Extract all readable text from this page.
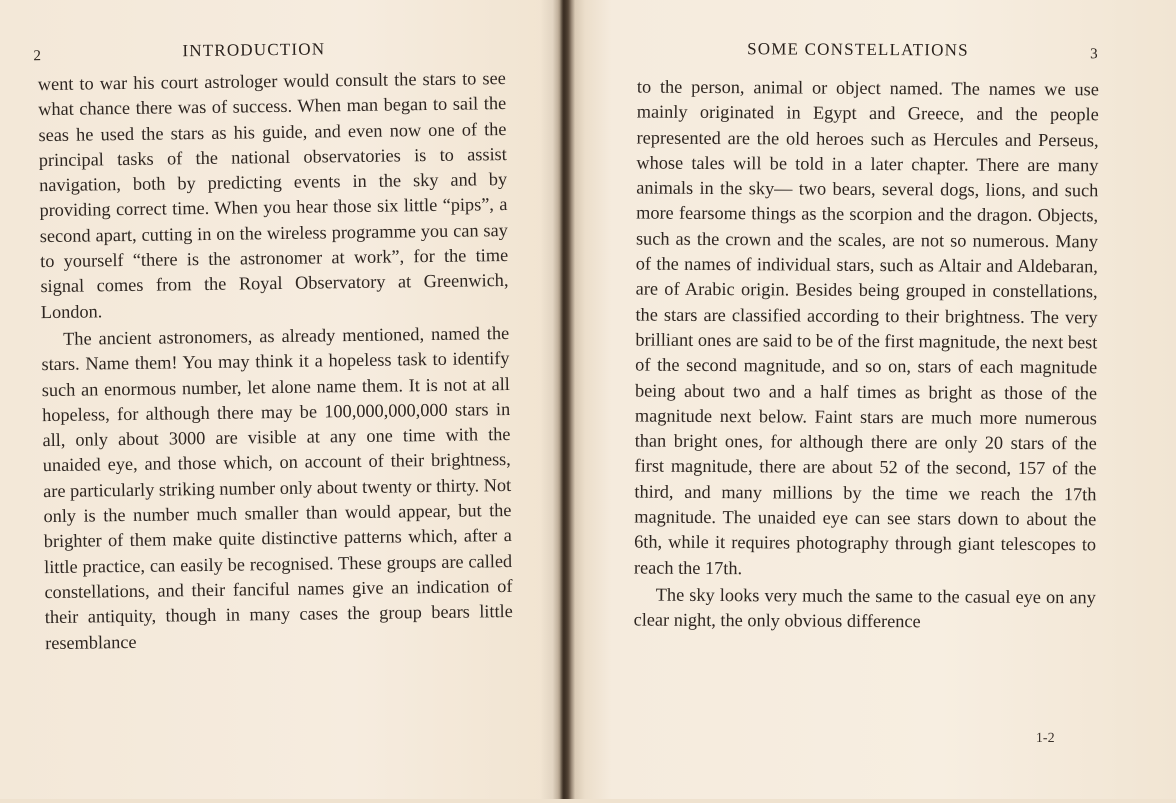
2	INTRODUCTION

went to war his court astrologer would consult the stars to see what chance there was of success. When man began to sail the seas he used the stars as his guide, and even now one of the principal tasks of the national observatories is to assist navigation, both by predicting events in the sky and by providing correct time. When you hear those six little “pips”, a second apart, cutting in on the wireless programme you can say to yourself “there is the astronomer at work”, for the time signal comes from the Royal Observatory at Greenwich, London.

The ancient astronomers, as already mentioned, named the stars. Name them! You may think it a hopeless task to identify such an enormous number, let alone name them. It is not at all hopeless, for although there may be 100,000,000,000 stars in all, only about 3000 are visible at any one time with the unaided eye, and those which, on account of their brightness, are particularly striking number only about twenty or thirty. Not only is the number much smaller than would appear, but the brighter of them make quite distinctive patterns which, after a little practice, can easily be recognised. These groups are called constellations, and their fanciful names give an indication of their antiquity, though in many cases the group bears little resemblance

SOME CONSTELLATIONS	3

to the person, animal or object named. The names we use mainly originated in Egypt and Greece, and the people represented are the old heroes such as Hercules and Perseus, whose tales will be told in a later chapter. There are many animals in the sky— two bears, several dogs, lions, and such more fearsome things as the scorpion and the dragon. Objects, such as the crown and the scales, are not so numerous. Many of the names of individual stars, such as Altair and Aldebaran, are of Arabic origin. Besides being grouped in constellations, the stars are classified according to their brightness. The very brilliant ones are said to be of the first magnitude, the next best of the second magnitude, and so on, stars of each magnitude being about two and a half times as bright as those of the magnitude next below. Faint stars are much more numerous than bright ones, for although there are only 20 stars of the first magnitude, there are about 52 of the second, 157 of the third, and many millions by the time we reach the 17th magnitude. The unaided eye can see stars down to about the 6th, while it requires photography through giant telescopes to reach the 17th.

The sky looks very much the same to the casual eye on any clear night, the only obvious difference

1-2
